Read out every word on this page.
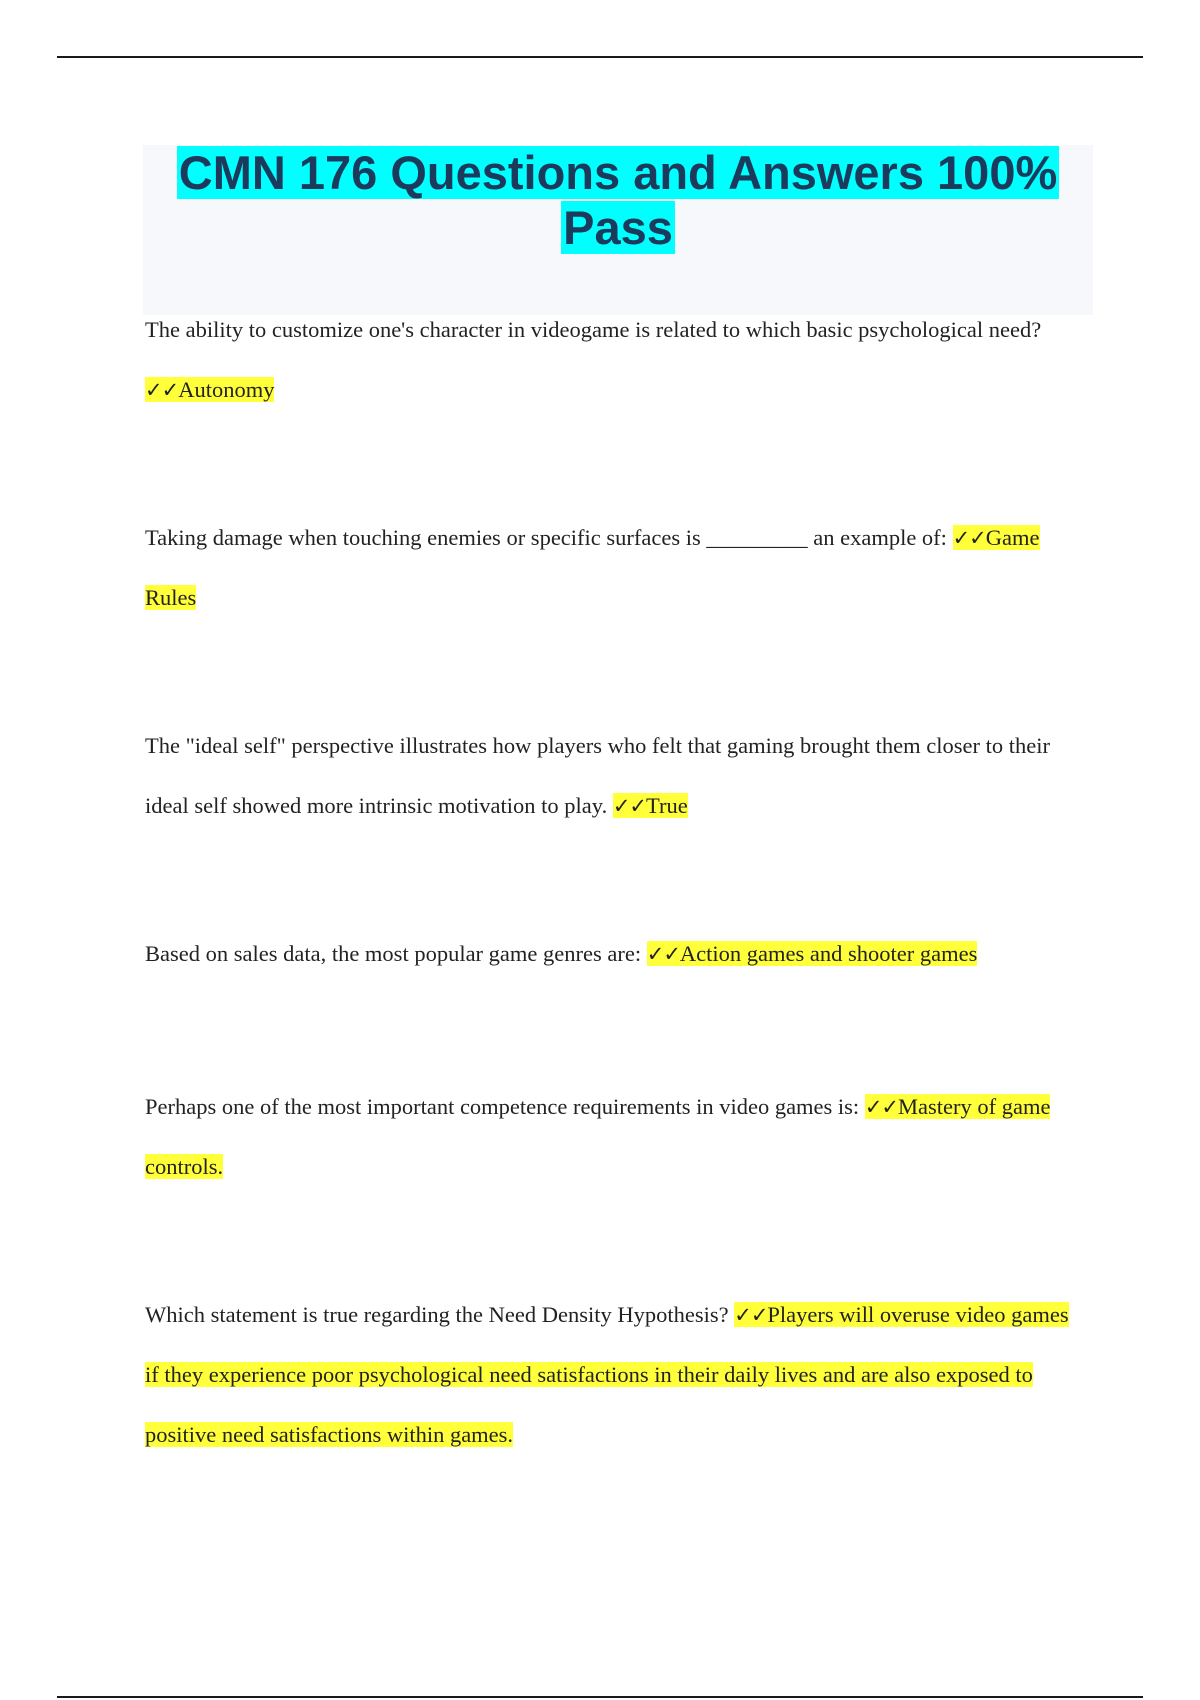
CMN 176 Questions and Answers 100%
Pass

The ability to customize one's character in videogame is related to which basic psychological need? ✓✓Autonomy

Taking damage when touching enemies or specific surfaces is _________ an example of: ✓✓Game Rules

The "ideal self" perspective illustrates how players who felt that gaming brought them closer to their ideal self showed more intrinsic motivation to play. ✓✓True

Based on sales data, the most popular game genres are: ✓✓Action games and shooter games

Perhaps one of the most important competence requirements in video games is: ✓✓Mastery of game controls.

Which statement is true regarding the Need Density Hypothesis? ✓✓Players will overuse video games if they experience poor psychological need satisfactions in their daily lives and are also exposed to positive need satisfactions within games.
